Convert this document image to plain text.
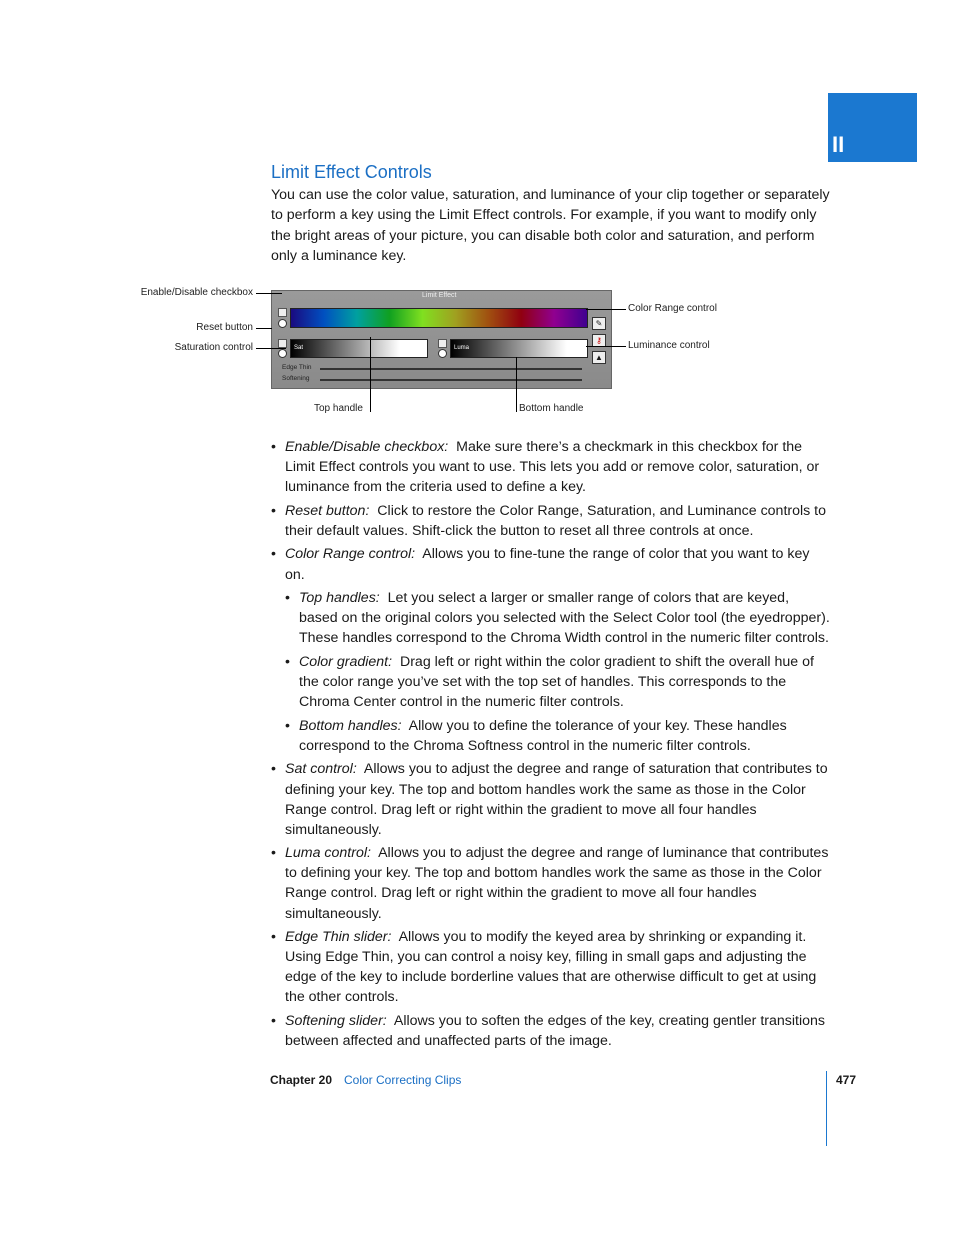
II
Limit Effect Controls

You can use the color value, saturation, and luminance of your clip together or separately to perform a key using the Limit Effect controls. For example, if you want to modify only the bright areas of your picture, you can disable both color and saturation, and perform only a luminance key.

Limit Effect
Sat	Luma
✎
⚷
▲
Edge Thin
Softening
Enable/Disable checkbox
Reset button
Saturation control
Color Range control
Luminance control
Top handle	Bottom handle
• Enable/Disable checkbox: Make sure there’s a checkmark in this checkbox for the Limit Effect controls you want to use. This lets you add or remove color, saturation, or luminance from the criteria used to define a key.
• Reset button: Click to restore the Color Range, Saturation, and Luminance controls to their default values. Shift-click the button to reset all three controls at once.
• Color Range control: Allows you to fine-tune the range of color that you want to key on.
• Top handles: Let you select a larger or smaller range of colors that are keyed, based on the original colors you selected with the Select Color tool (the eyedropper). These handles correspond to the Chroma Width control in the numeric filter controls.
• Color gradient: Drag left or right within the color gradient to shift the overall hue of the color range you’ve set with the top set of handles. This corresponds to the Chroma Center control in the numeric filter controls.
• Bottom handles: Allow you to define the tolerance of your key. These handles correspond to the Chroma Softness control in the numeric filter controls.
• Sat control: Allows you to adjust the degree and range of saturation that contributes to defining your key. The top and bottom handles work the same as those in the Color Range control. Drag left or right within the gradient to move all four handles simultaneously.
• Luma control: Allows you to adjust the degree and range of luminance that contributes to defining your key. The top and bottom handles work the same as those in the Color Range control. Drag left or right within the gradient to move all four handles simultaneously.
• Edge Thin slider: Allows you to modify the keyed area by shrinking or expanding it. Using Edge Thin, you can control a noisy key, filling in small gaps and adjusting the edge of the key to include borderline values that are otherwise difficult to get at using the other controls.
• Softening slider: Allows you to soften the edges of the key, creating gentler transitions between affected and unaffected parts of the image.
Chapter 20 Color Correcting Clips	477
